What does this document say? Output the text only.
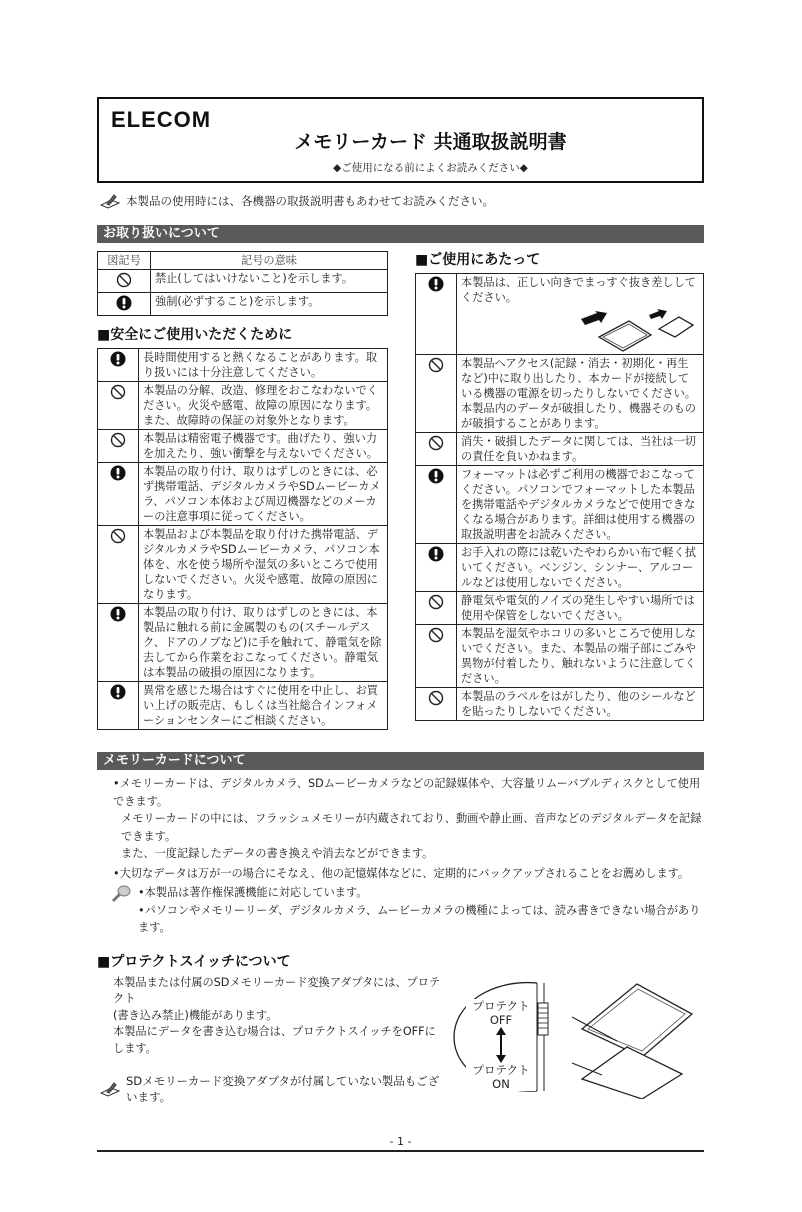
ELECOM
メモリーカード 共通取扱説明書
◆ご使用になる前によくお読みください◆
本製品の使用時には、各機器の取扱説明書もあわせてお読みください。
お取り扱いについて
図記号	記号の意味

禁止(してはいけないこと)を示します。

強制(必ずすること)を示します。
■安全にご使用いただくために

長時間使用すると熱くなることがあります。取り扱いには十分注意してください。

本製品の分解、改造、修理をおこなわないでください。火災や感電、故障の原因になります。また、故障時の保証の対象外となります。

本製品は精密電子機器です。曲げたり、強い力を加えたり、強い衝撃を与えないでください。

本製品の取り付け、取りはずしのときには、必ず携帯電話、デジタルカメラやSDムービーカメラ、パソコン本体および周辺機器などのメーカーの注意事項に従ってください。

本製品および本製品を取り付けた携帯電話、デジタルカメラやSDムービーカメラ、パソコン本体を、水を使う場所や湿気の多いところで使用しないでください。火災や感電、故障の原因になります。

本製品の取り付け、取りはずしのときには、本製品に触れる前に金属製のもの(スチールデスク、ドアのノブなど)に手を触れて、静電気を除去してから作業をおこなってください。静電気は本製品の破損の原因になります。

異常を感じた場合はすぐに使用を中止し、お買い上げの販売店、もしくは当社総合インフォメーションセンターにご相談ください。
■ご使用にあたって

本製品は、正しい向きでまっすぐ抜き差ししてください。

本製品へアクセス(記録・消去・初期化・再生など)中に取り出したり、本カードが接続している機器の電源を切ったりしないでください。本製品内のデータが破損したり、機器そのものが破損することがあります。

消失・破損したデータに関しては、当社は一切の責任を負いかねます。

フォーマットは必ずご利用の機器でおこなってください。パソコンでフォーマットした本製品を携帯電話やデジタルカメラなどで使用できなくなる場合があります。詳細は使用する機器の取扱説明書をお読みください。

お手入れの際には乾いたやわらかい布で軽く拭いてください。ベンジン、シンナー、アルコールなどは使用しないでください。

静電気や電気的ノイズの発生しやすい場所では使用や保管をしないでください。

本製品を湿気やホコリの多いところで使用しないでください。また、本製品の端子部にごみや異物が付着したり、触れないように注意してください。

本製品のラベルをはがしたり、他のシールなどを貼ったりしないでください。
メモリーカードについて
•メモリーカードは、デジタルカメラ、SDムービーカメラなどの記録媒体や、大容量リムーバブルディスクとして使用できます。
メモリーカードの中には、フラッシュメモリーが内蔵されており、動画や静止画、音声などのデジタルデータを記録できます。
また、一度記録したデータの書き換えや消去などができます。
•大切なデータは万が一の場合にそなえ、他の記憶媒体などに、定期的にバックアップされることをお薦めします。
•本製品は著作権保護機能に対応しています。
•パソコンやメモリーリーダ、デジタルカメラ、ムービーカメラの機種によっては、読み書きできない場合があります。
■プロテクトスイッチについて
本製品または付属のSDメモリーカード変換アダプタには、プロテクト
(書き込み禁止)機能があります。
本製品にデータを書き込む場合は、プロテクトスイッチをOFFにします。
SDメモリーカード変換アダプタが付属していない製品もございます。
プロテクト
OFF
プロテクト
ON
- 1 -
